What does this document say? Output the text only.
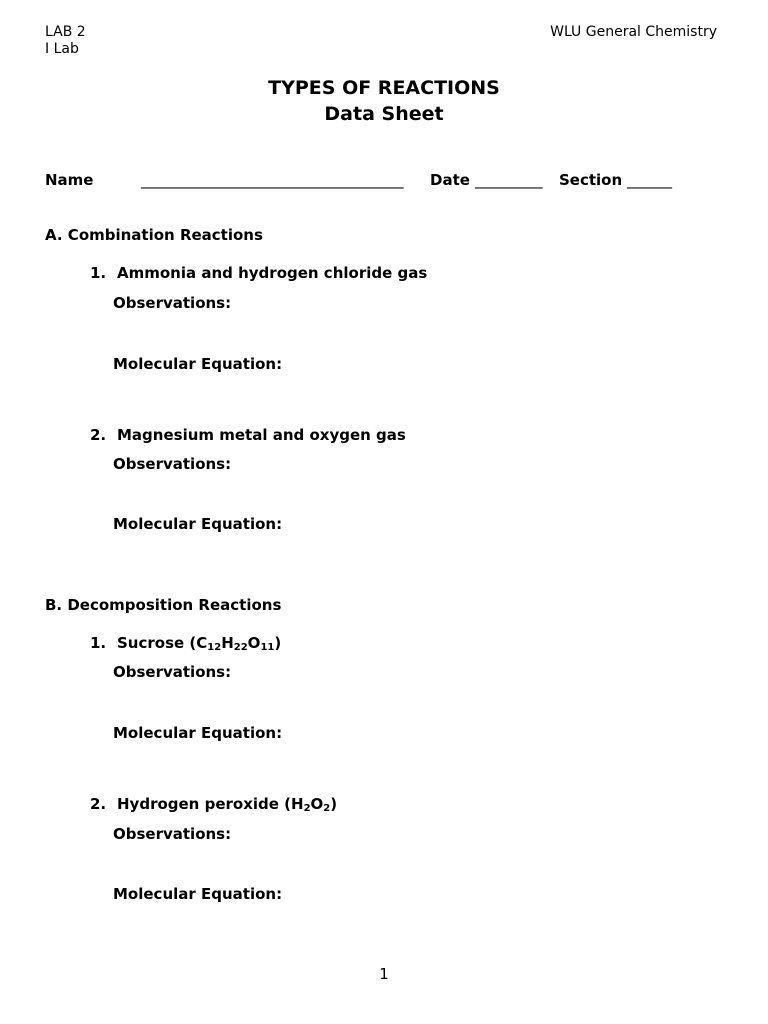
LAB 2
I Lab
WLU General Chemistry
TYPES OF REACTIONS
Data Sheet
Name	___________________________________ Date _________ Section ______
A. Combination Reactions
1. Ammonia and hydrogen chloride gas
Observations:
Molecular Equation:
2. Magnesium metal and oxygen gas
Observations:
Molecular Equation:
B. Decomposition Reactions
1. Sucrose $(C_{12}H_{22}O_{11})$
Observations:
Molecular Equation:
2. Hydrogen peroxide $(H_2O_2)$
Observations:
Molecular Equation:
1
